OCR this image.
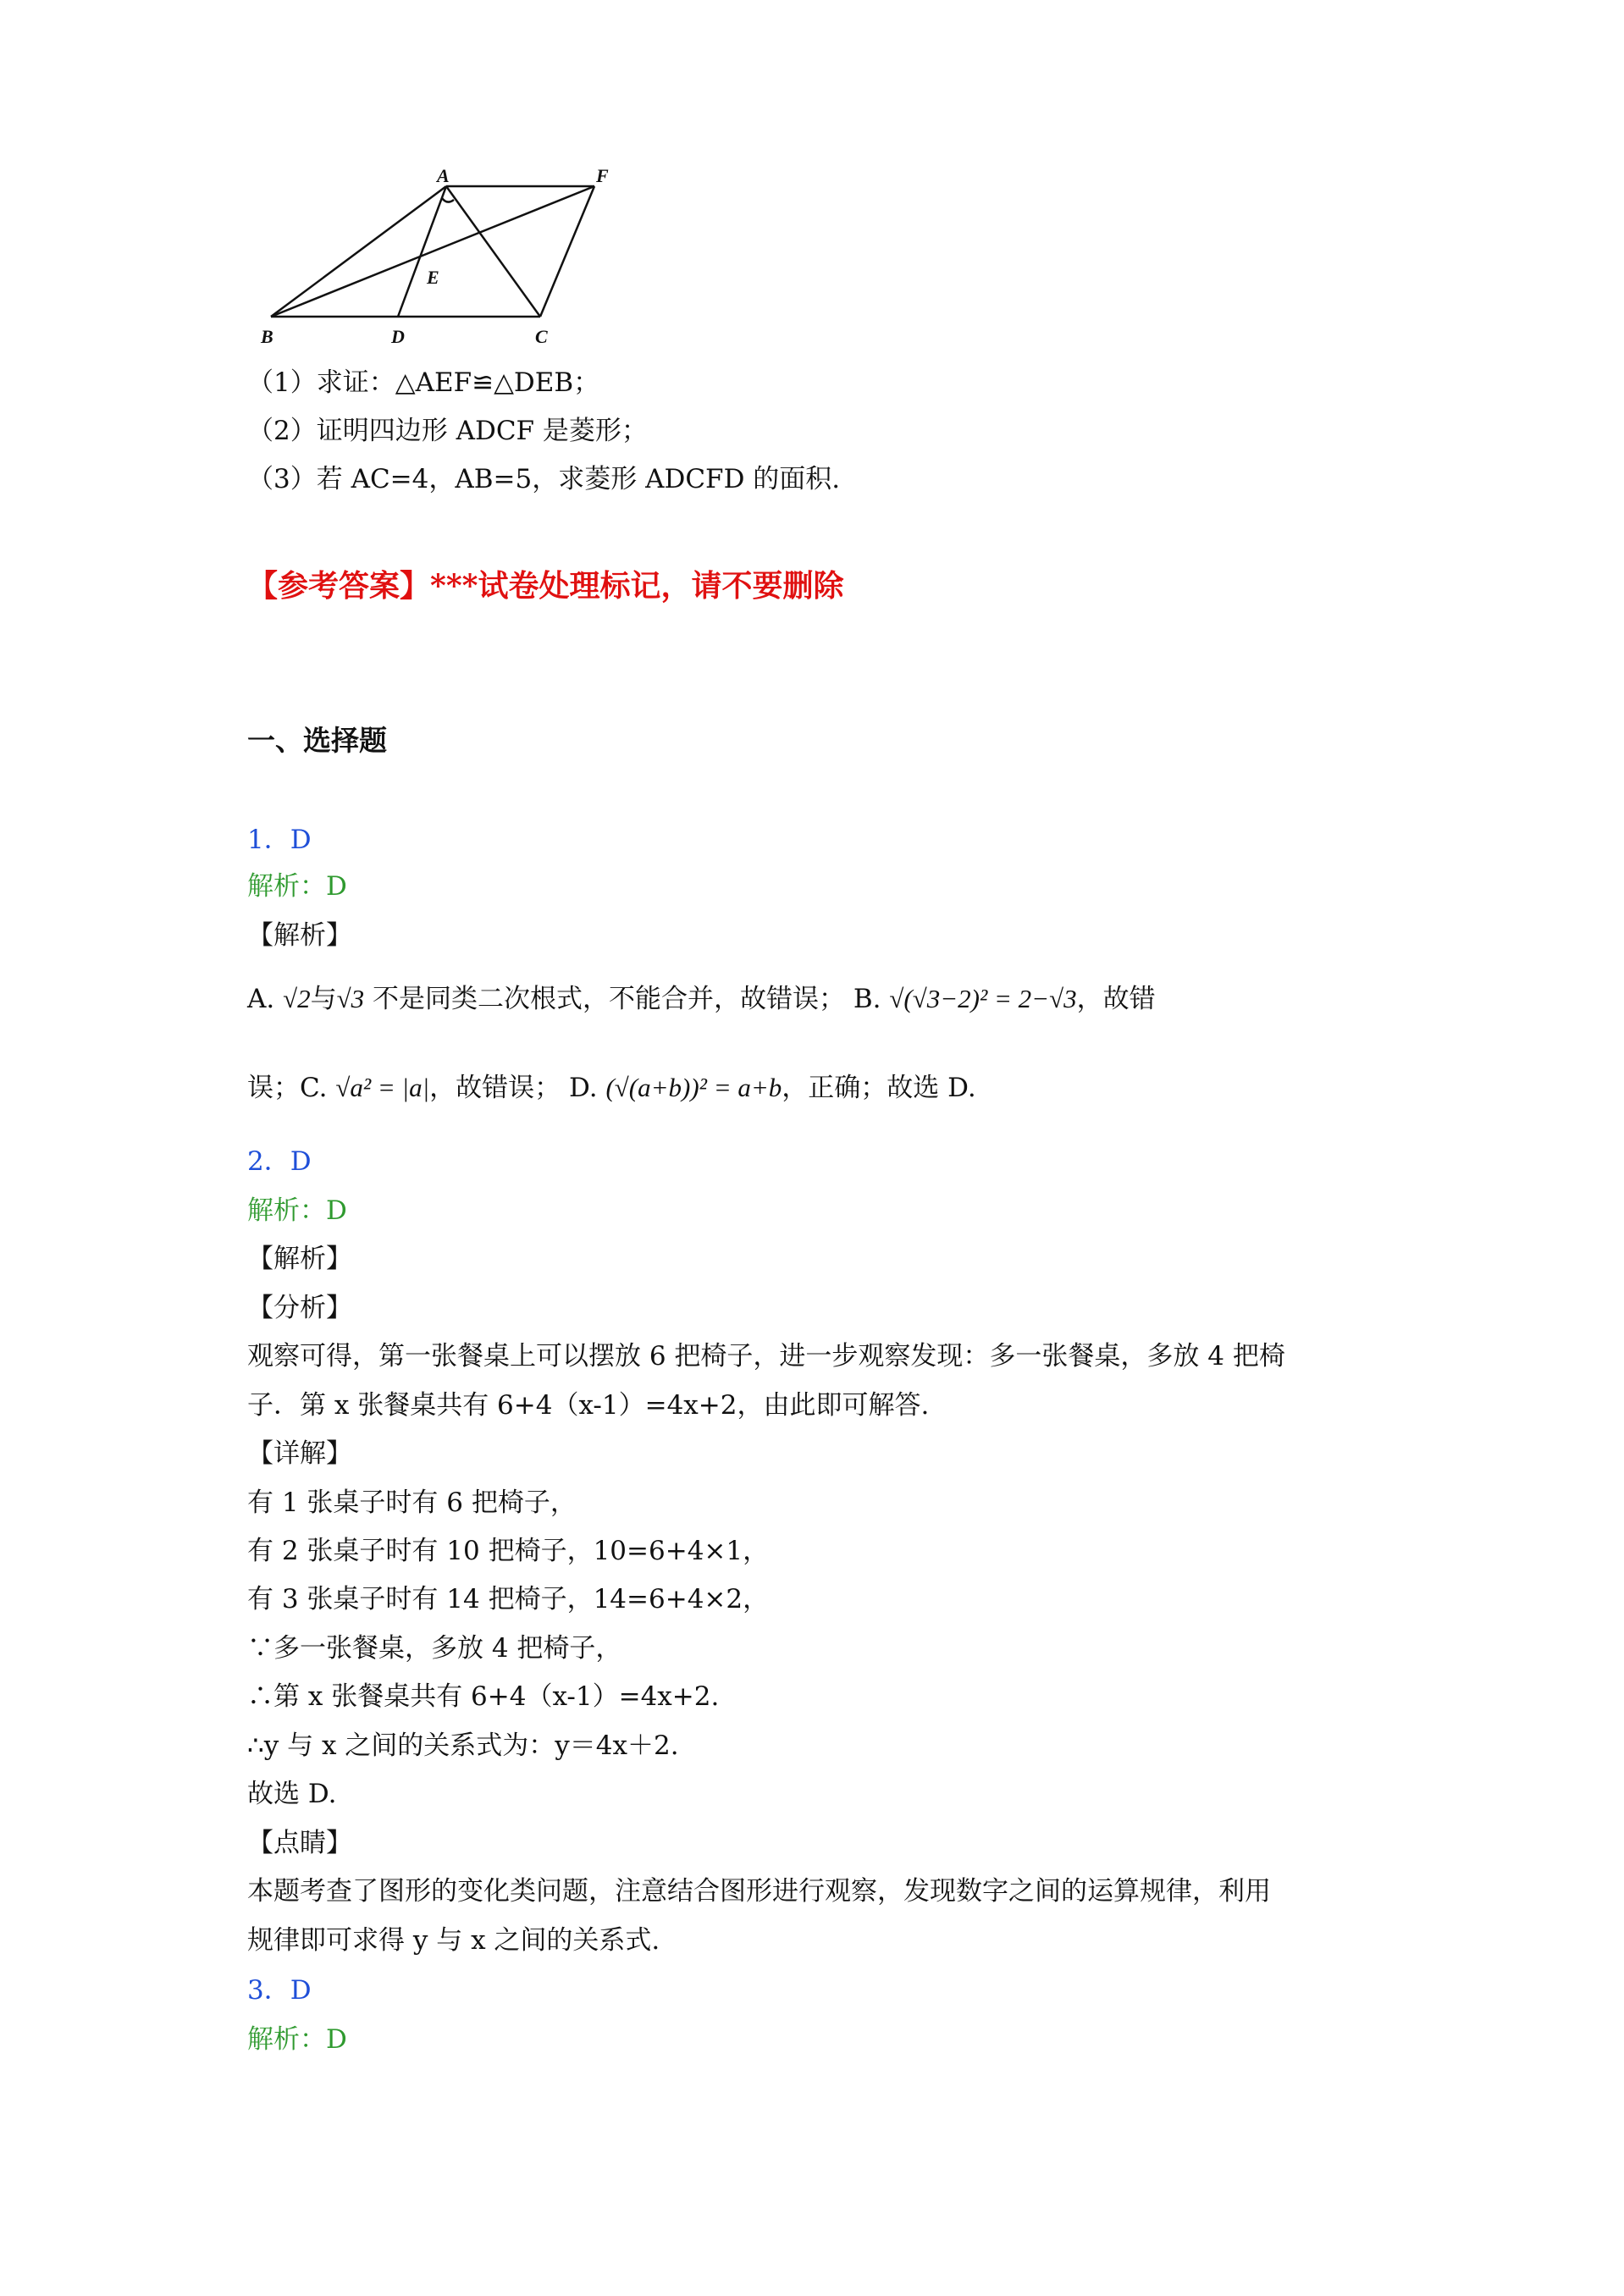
A	F
E
B	D	C
（1）求证：△AEF≌△DEB；
（2）证明四边形 ADCF 是菱形；
（3）若 AC=4，AB=5，求菱形 ADCFD 的面积.
【参考答案】***试卷处理标记，请不要删除
一、选择题
1．D
解析：D
【解析】
A. √2与√3 不是同类二次根式，不能合并，故错误； B. √(√3−2)² = 2−√3，故错
误；C. √a² = |a|，故错误； D. (√(a+b))² = a+b，正确；故选 D.
2．D
解析：D
【解析】
【分析】
观察可得，第一张餐桌上可以摆放 6 把椅子，进一步观察发现：多一张餐桌，多放 4 把椅
子．第 x 张餐桌共有 6+4（x-1）=4x+2，由此即可解答.
【详解】
有 1 张桌子时有 6 把椅子，
有 2 张桌子时有 10 把椅子，10=6+4×1，
有 3 张桌子时有 14 把椅子，14=6+4×2，
∵多一张餐桌，多放 4 把椅子，
∴第 x 张餐桌共有 6+4（x-1）=4x+2.
∴y 与 x 之间的关系式为：y＝4x＋2.
故选 D.
【点睛】
本题考查了图形的变化类问题，注意结合图形进行观察，发现数字之间的运算规律，利用
规律即可求得 y 与 x 之间的关系式.
3．D
解析：D
